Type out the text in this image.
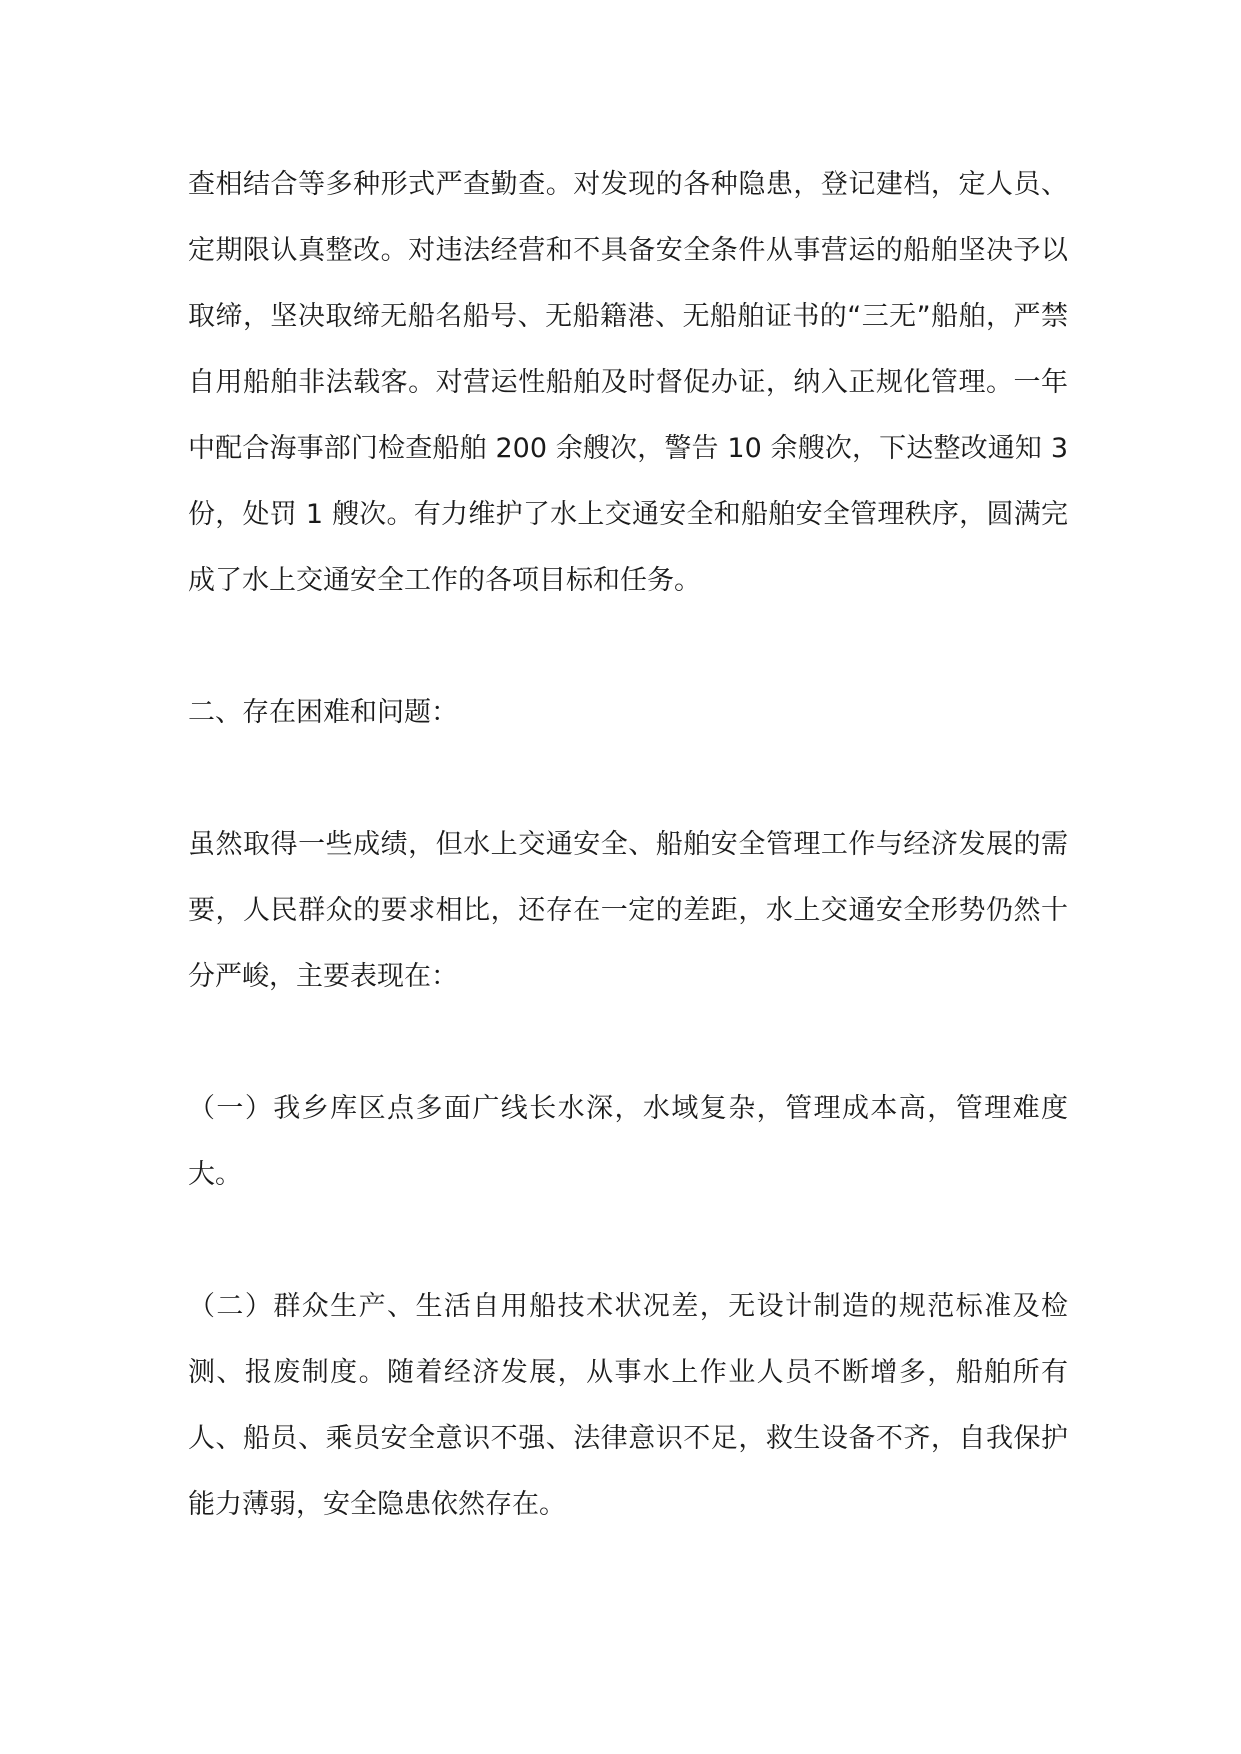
查相结合等多种形式严查勤查。对发现的各种隐患，登记建档，定人员、定期限认真整改。对违法经营和不具备安全条件从事营运的船舶坚决予以取缔，坚决取缔无船名船号、无船籍港、无船舶证书的“三无”船舶，严禁自用船舶非法载客。对营运性船舶及时督促办证，纳入正规化管理。一年中配合海事部门检查船舶 200 余艘次，警告 10 余艘次，下达整改通知 3 份，处罚 1 艘次。有力维护了水上交通安全和船舶安全管理秩序，圆满完成了水上交通安全工作的各项目标和任务。

二、存在困难和问题：

虽然取得一些成绩，但水上交通安全、船舶安全管理工作与经济发展的需要，人民群众的要求相比，还存在一定的差距，水上交通安全形势仍然十分严峻，主要表现在：

（一）我乡库区点多面广线长水深，水域复杂，管理成本高，管理难度大。

（二）群众生产、生活自用船技术状况差，无设计制造的规范标准及检测、报废制度。随着经济发展，从事水上作业人员不断增多，船舶所有人、船员、乘员安全意识不强、法律意识不足，救生设备不齐，自我保护能力薄弱，安全隐患依然存在。
